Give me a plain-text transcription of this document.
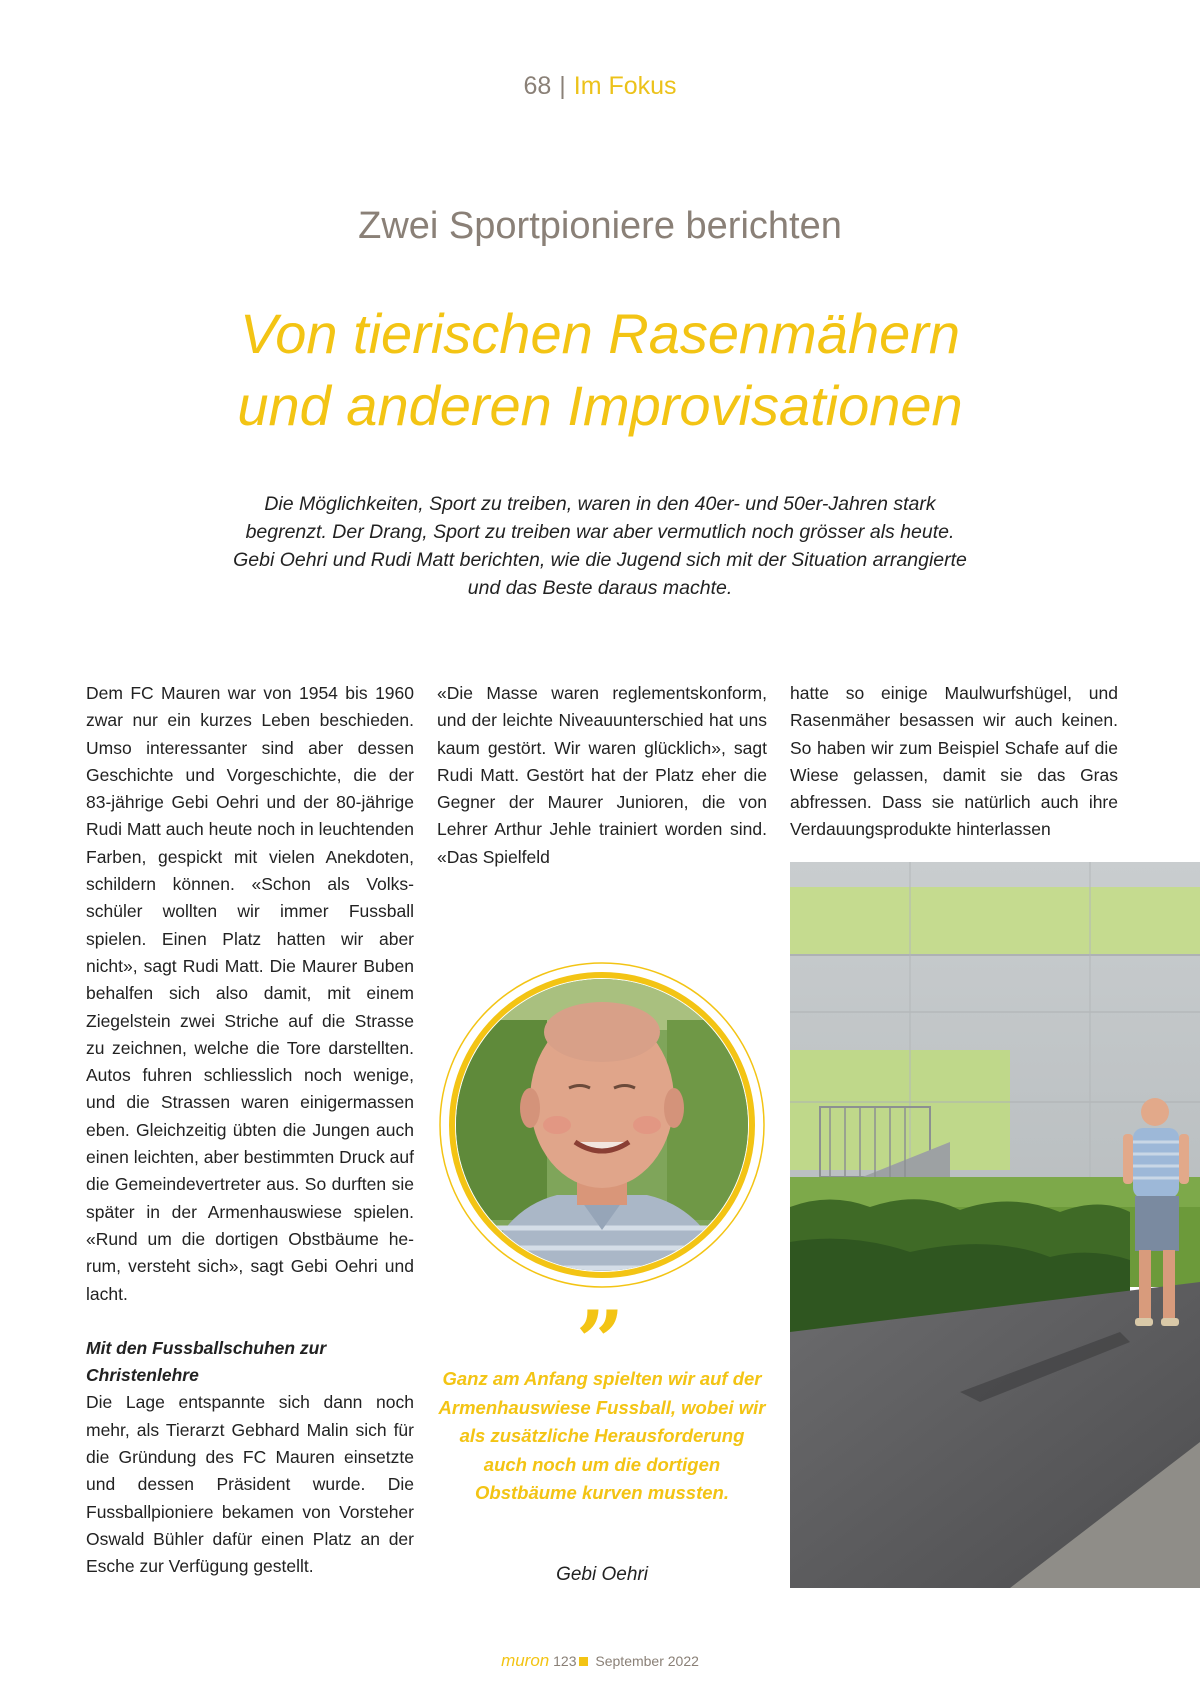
68 | Im Fokus
Zwei Sportpioniere berichten
Von tierischen Rasenmähern
und anderen Improvisationen
Die Möglichkeiten, Sport zu treiben, waren in den 40er- und 50er-Jahren stark begrenzt. Der Drang, Sport zu treiben war aber vermutlich noch grösser als heute. Gebi Oehri und Rudi Matt berichten, wie die Jugend sich mit der Situation arrangierte und das Beste daraus machte.

Dem FC Mauren war von 1954 bis 1960 zwar nur ein kurzes Leben beschieden. Umso interessanter sind aber dessen Geschichte und Vorgeschichte, die der 83-jährige Gebi Oehri und der 80-jährige Rudi Matt auch heute noch in leuchtenden Farben, gespickt mit vielen Anekdoten, schildern können. «Schon als Volksschüler wollten wir immer Fussball spielen. Einen Platz hatten wir aber nicht», sagt Rudi Matt. Die Maurer Buben behalfen sich also damit, mit einem Ziegelstein zwei Striche auf die Strasse zu zeichnen, welche die Tore darstellten. Autos fuhren schliesslich noch wenige, und die Strassen waren einigermassen eben. Gleichzeitig übten die Jungen auch einen leichten, aber bestimmten Druck auf die Gemeindevertreter aus. So durften sie später in der Armenhauswiese spielen. «Rund um die dortigen Obstbäume herum, versteht sich», sagt Gebi Oehri und lacht.

Mit den Fussballschuhen zur Christenlehre

Die Lage entspannte sich dann noch mehr, als Tierarzt Gebhard Malin sich für die Gründung des FC Mauren einsetzte und dessen Präsident wurde. Die Fussballpioniere bekamen von Vorsteher Oswald Bühler dafür einen Platz an der Esche zur Verfügung gestellt.

«Die Masse waren reglementskonform, und der leichte Niveauunterschied hat uns kaum gestört. Wir waren glücklich», sagt Rudi Matt. Gestört hat der Platz eher die Gegner der Maurer Junioren, die von Lehrer Arthur Jehle trainiert worden sind. «Das Spielfeld

hatte so einige Maulwurfshügel, und Rasenmäher besassen wir auch keinen. So haben wir zum Beispiel Schafe auf die Wiese gelassen, damit sie das Gras abfressen. Dass sie natürlich auch ihre Verdauungsprodukte hinterlassen

”
Ganz am Anfang spielten wir auf der Armenhauswiese Fussball, wobei wir als zusätzliche Herausforderung auch noch um die dortigen Obstbäume kurven mussten.
Gebi Oehri
muron 123 September 2022
